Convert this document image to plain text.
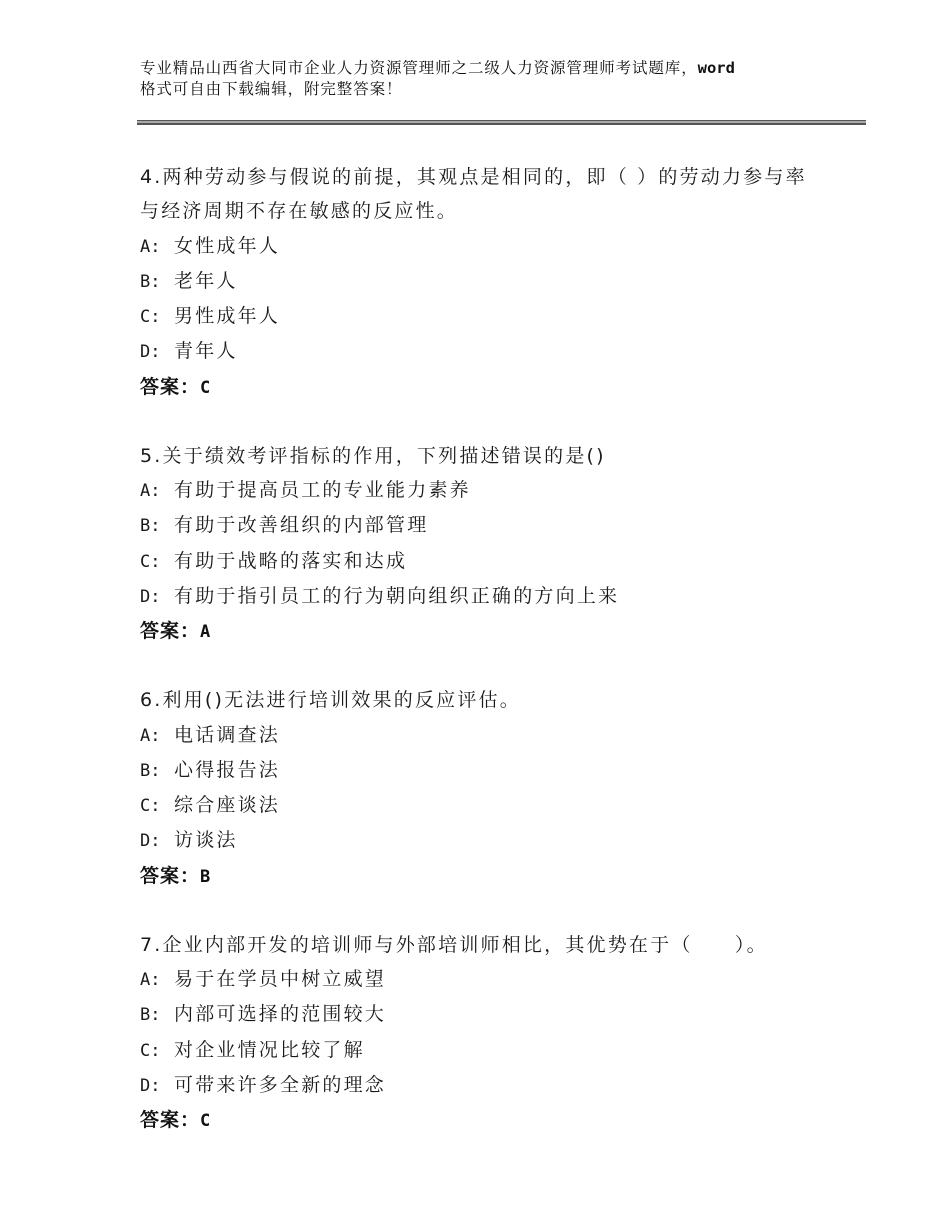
专业精品山西省大同市企业人力资源管理师之二级人力资源管理师考试题库，word
格式可自由下载编辑，附完整答案！
4.两种劳动参与假说的前提，其观点是相同的，即（ ）的劳动力参与率与经济周期不存在敏感的反应性。
A: 女性成年人
B: 老年人
C: 男性成年人
D: 青年人
答案：C
5.关于绩效考评指标的作用，下列描述错误的是()
A: 有助于提高员工的专业能力素养
B: 有助于改善组织的内部管理
C: 有助于战略的落实和达成
D: 有助于指引员工的行为朝向组织正确的方向上来
答案：A
6.利用()无法进行培训效果的反应评估。
A: 电话调查法
B: 心得报告法
C: 综合座谈法
D: 访谈法
答案：B
7.企业内部开发的培训师与外部培训师相比，其优势在于（　　）。
A: 易于在学员中树立威望
B: 内部可选择的范围较大
C: 对企业情况比较了解
D: 可带来许多全新的理念
答案：C
